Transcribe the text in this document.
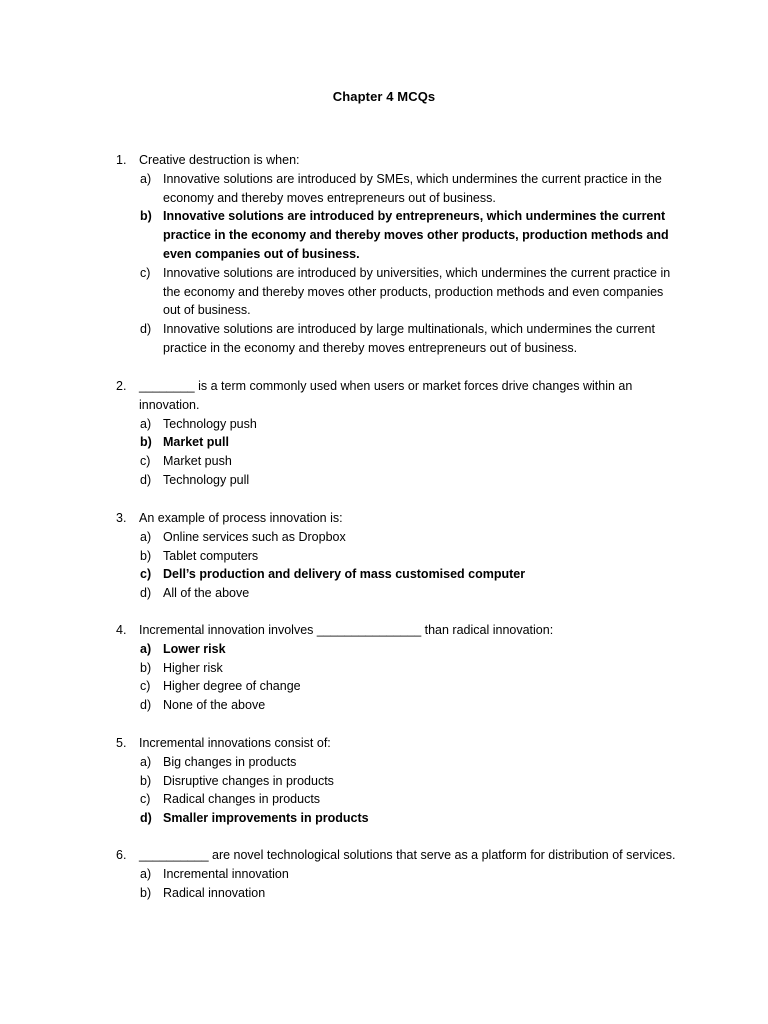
Chapter 4 MCQs
1.	Creative destruction is when:
a) Innovative solutions are introduced by SMEs, which undermines the current practice in the economy and thereby moves entrepreneurs out of business.
b) Innovative solutions are introduced by entrepreneurs, which undermines the current practice in the economy and thereby moves other products, production methods and even companies out of business.
c)	Innovative solutions are introduced by universities, which undermines the current practice in the economy and thereby moves other products, production methods and even companies out of business.
d) Innovative solutions are introduced by large multinationals, which undermines the current practice in the economy and thereby moves entrepreneurs out of business.
2.	________ is a term commonly used when users or market forces drive changes within an innovation.
a) Technology push
b) Market pull
c)	Market push
d) Technology pull
3.	An example of process innovation is:
a) Online services such as Dropbox
b) Tablet computers
c) Dell’s production and delivery of mass customised computer
d) All of the above
4.	Incremental innovation involves _______________ than radical innovation:
a) Lower risk
b) Higher risk
c)	Higher degree of change
d) None of the above
5.	Incremental innovations consist of:
a) Big changes in products
b) Disruptive changes in products
c)	Radical changes in products
d) Smaller improvements in products
6.	__________ are novel technological solutions that serve as a platform for distribution of services.
a) Incremental innovation
b) Radical innovation
